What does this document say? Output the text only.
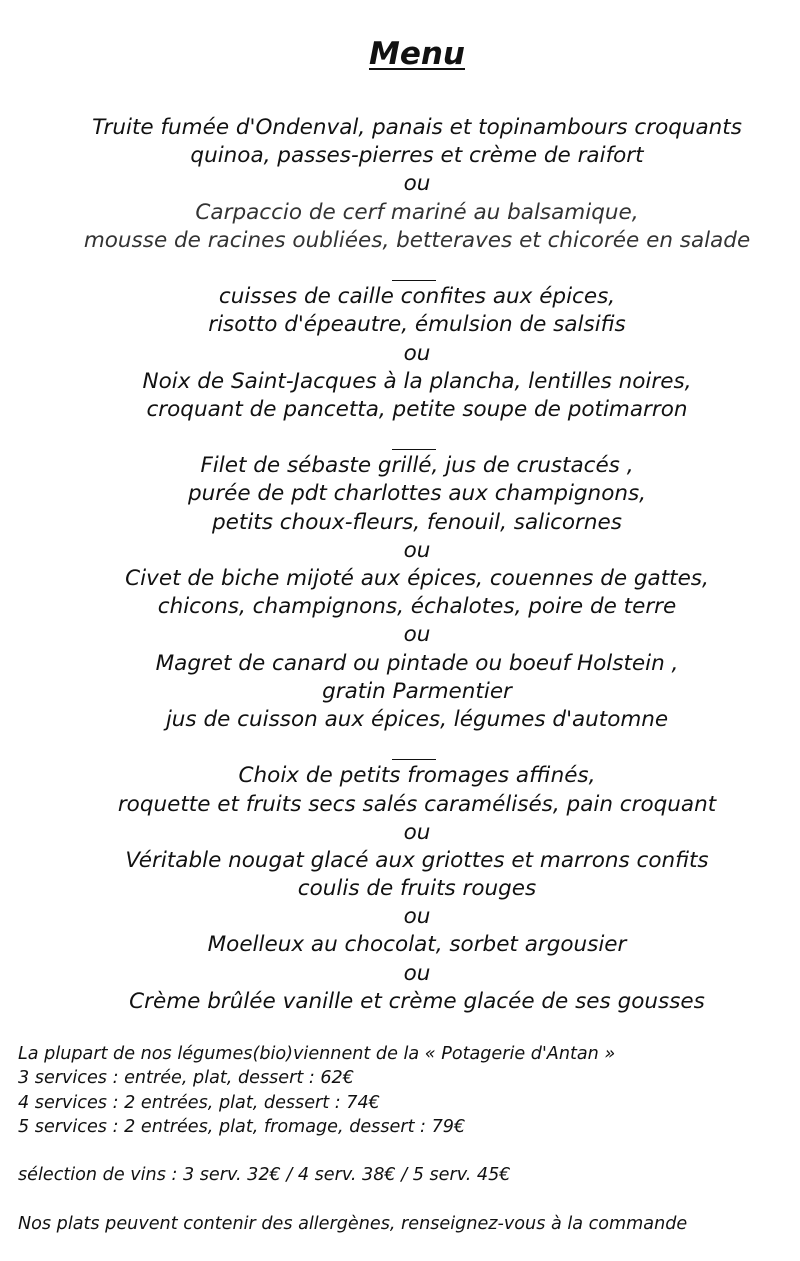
Menu
Truite fumée d'Ondenval, panais et topinambours croquants
quinoa, passes-pierres et crème de raifort
ou
Carpaccio de cerf mariné au balsamique,
mousse de racines oubliées, betteraves et chicorée en salade
cuisses de caille confites aux épices,
risotto d'épeautre, émulsion de salsifis
ou
Noix de Saint-Jacques à la plancha, lentilles noires,
croquant de pancetta, petite soupe de potimarron
Filet de sébaste grillé, jus de crustacés ,
purée de pdt charlottes aux champignons,
petits choux-fleurs, fenouil, salicornes
ou
Civet de biche mijoté aux épices, couennes de gattes,
chicons, champignons, échalotes, poire de terre
ou
Magret de canard ou pintade ou boeuf Holstein ,
gratin Parmentier
jus de cuisson aux épices, légumes d'automne
Choix de petits fromages affinés,
roquette et fruits secs salés caramélisés, pain croquant
ou
Véritable nougat glacé aux griottes et marrons confits
coulis de fruits rouges
ou
Moelleux au chocolat, sorbet argousier
ou
Crème brûlée vanille et crème glacée de ses gousses
La plupart de nos légumes(bio)viennent de la « Potagerie d'Antan »
3 services : entrée, plat, dessert : 62€
4 services : 2 entrées, plat, dessert : 74€
5 services : 2 entrées, plat, fromage, dessert : 79€
sélection de vins : 3 serv. 32€ / 4 serv. 38€ / 5 serv. 45€
Nos plats peuvent contenir des allergènes, renseignez-vous à la commande
